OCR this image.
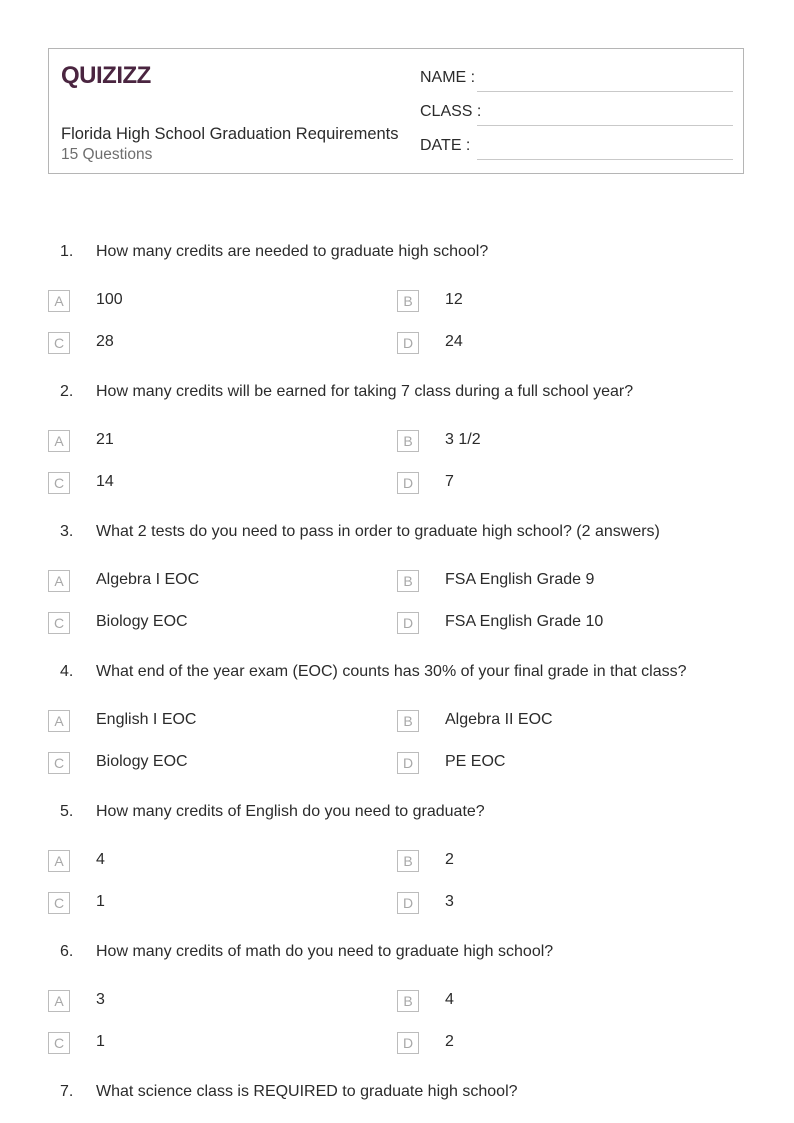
QUIZIZZ
Florida High School Graduation Requirements
15 Questions
NAME :
CLASS :
DATE :
1. How many credits are needed to graduate high school?
A	100	B	12
C	28	D	24
2. How many credits will be earned for taking 7 class during a full school year?
A	21	B	3 1/2
C	14	D	7
3. What 2 tests do you need to pass in order to graduate high school? (2 answers)
A	Algebra I EOC	B	FSA English Grade 9
C	Biology EOC	D	FSA English Grade 10
4. What end of the year exam (EOC) counts has 30% of your final grade in that class?
A	English I EOC	B	Algebra II EOC
C	Biology EOC	D	PE EOC
5. How many credits of English do you need to graduate?
A	4	B	2
C	1	D	3
6. How many credits of math do you need to graduate high school?
A	3	B	4
C	1	D	2
7. What science class is REQUIRED to graduate high school?
